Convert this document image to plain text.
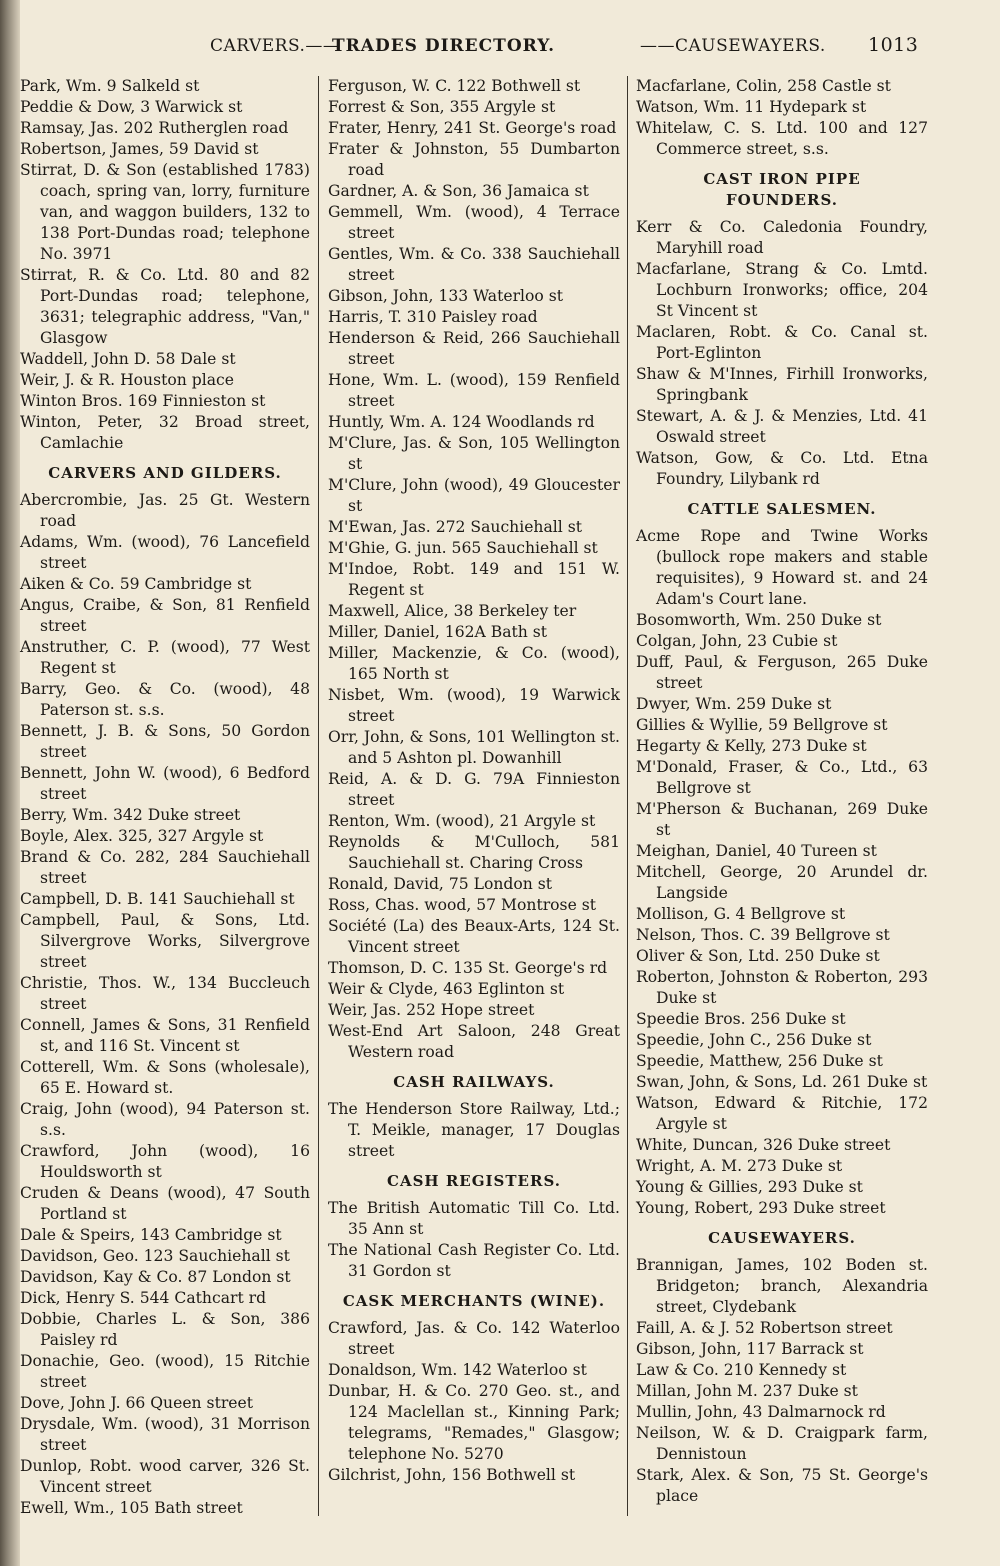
CARVERS.——
TRADES DIRECTORY.	——CAUSEWAYERS. 1013
Park, Wm. 9 Salkeld st
Peddie & Dow, 3 Warwick st
Ramsay, Jas. 202 Rutherglen road
Robertson, James, 59 David st
Stirrat, D. & Son (established 1783) coach, spring van, lorry, furniture van, and waggon builders, 132 to 138 Port-Dundas road; telephone No. 3971
Stirrat, R. & Co. Ltd. 80 and 82 Port-Dundas road; telephone, 3631; telegraphic address, "Van," Glasgow
Waddell, John D. 58 Dale st
Weir, J. & R. Houston place
Winton Bros. 169 Finnieston st
Winton, Peter, 32 Broad street, Camlachie
CARVERS AND GILDERS.
Abercrombie, Jas. 25 Gt. Western road
Adams, Wm. (wood), 76 Lancefield street
Aiken & Co. 59 Cambridge st
Angus, Craibe, & Son, 81 Renfield street
Anstruther, C. P. (wood), 77 West Regent st
Barry, Geo. & Co. (wood), 48 Paterson st. s.s.
Bennett, J. B. & Sons, 50 Gordon street
Bennett, John W. (wood), 6 Bedford street
Berry, Wm. 342 Duke street
Boyle, Alex. 325, 327 Argyle st
Brand & Co. 282, 284 Sauchiehall street
Campbell, D. B. 141 Sauchiehall st
Campbell, Paul, & Sons, Ltd. Silvergrove Works, Silvergrove street
Christie, Thos. W., 134 Buccleuch street
Connell, James & Sons, 31 Renfield st, and 116 St. Vincent st
Cotterell, Wm. & Sons (wholesale), 65 E. Howard st.
Craig, John (wood), 94 Paterson st. s.s.
Crawford, John (wood), 16 Houldsworth st
Cruden & Deans (wood), 47 South Portland st
Dale & Speirs, 143 Cambridge st
Davidson, Geo. 123 Sauchiehall st
Davidson, Kay & Co. 87 London st
Dick, Henry S. 544 Cathcart rd
Dobbie, Charles L. & Son, 386 Paisley rd
Donachie, Geo. (wood), 15 Ritchie street
Dove, John J. 66 Queen street
Drysdale, Wm. (wood), 31 Morrison street
Dunlop, Robt. wood carver, 326 St. Vincent street
Ewell, Wm., 105 Bath street
Ferguson, W. C. 122 Bothwell st
Forrest & Son, 355 Argyle st
Frater, Henry, 241 St. George's road
Frater & Johnston, 55 Dumbarton road
Gardner, A. & Son, 36 Jamaica st
Gemmell, Wm. (wood), 4 Terrace street
Gentles, Wm. & Co. 338 Sauchiehall street
Gibson, John, 133 Waterloo st
Harris, T. 310 Paisley road
Henderson & Reid, 266 Sauchiehall street
Hone, Wm. L. (wood), 159 Renfield street
Huntly, Wm. A. 124 Woodlands rd
M'Clure, Jas. & Son, 105 Wellington st
M'Clure, John (wood), 49 Gloucester st
M'Ewan, Jas. 272 Sauchiehall st
M'Ghie, G. jun. 565 Sauchiehall st
M'Indoe, Robt. 149 and 151 W. Regent st
Maxwell, Alice, 38 Berkeley ter
Miller, Daniel, 162A Bath st
Miller, Mackenzie, & Co. (wood), 165 North st
Nisbet, Wm. (wood), 19 Warwick street
Orr, John, & Sons, 101 Wellington st. and 5 Ashton pl. Dowanhill
Reid, A. & D. G. 79A Finnieston street
Renton, Wm. (wood), 21 Argyle st
Reynolds & M'Culloch, 581 Sauchiehall st. Charing Cross
Ronald, David, 75 London st
Ross, Chas. wood, 57 Montrose st
Société (La) des Beaux-Arts, 124 St. Vincent street
Thomson, D. C. 135 St. George's rd
Weir & Clyde, 463 Eglinton st
Weir, Jas. 252 Hope street
West-End Art Saloon, 248 Great Western road
CASH RAILWAYS.
The Henderson Store Railway, Ltd.; T. Meikle, manager, 17 Douglas street
CASH REGISTERS.
The British Automatic Till Co. Ltd. 35 Ann st
The National Cash Register Co. Ltd. 31 Gordon st
CASK MERCHANTS (WINE).
Crawford, Jas. & Co. 142 Waterloo street
Donaldson, Wm. 142 Waterloo st
Dunbar, H. & Co. 270 Geo. st., and 124 Maclellan st., Kinning Park; telegrams, "Remades," Glasgow; telephone No. 5270
Gilchrist, John, 156 Bothwell st
Macfarlane, Colin, 258 Castle st
Watson, Wm. 11 Hydepark st
Whitelaw, C. S. Ltd. 100 and 127 Commerce street, s.s.
CAST IRON PIPE
FOUNDERS.
Kerr & Co. Caledonia Foundry, Maryhill road
Macfarlane, Strang & Co. Lmtd. Lochburn Ironworks; office, 204 St Vincent st
Maclaren, Robt. & Co. Canal st. Port-Eglinton
Shaw & M'Innes, Firhill Ironworks, Springbank
Stewart, A. & J. & Menzies, Ltd. 41 Oswald street
Watson, Gow, & Co. Ltd. Etna Foundry, Lilybank rd
CATTLE SALESMEN.
Acme Rope and Twine Works (bullock rope makers and stable requisites), 9 Howard st. and 24 Adam's Court lane.
Bosomworth, Wm. 250 Duke st
Colgan, John, 23 Cubie st
Duff, Paul, & Ferguson, 265 Duke street
Dwyer, Wm. 259 Duke st
Gillies & Wyllie, 59 Bellgrove st
Hegarty & Kelly, 273 Duke st
M'Donald, Fraser, & Co., Ltd., 63 Bellgrove st
M'Pherson & Buchanan, 269 Duke st
Meighan, Daniel, 40 Tureen st
Mitchell, George, 20 Arundel dr. Langside
Mollison, G. 4 Bellgrove st
Nelson, Thos. C. 39 Bellgrove st
Oliver & Son, Ltd. 250 Duke st
Roberton, Johnston & Roberton, 293 Duke st
Speedie Bros. 256 Duke st
Speedie, John C., 256 Duke st
Speedie, Matthew, 256 Duke st
Swan, John, & Sons, Ld. 261 Duke st
Watson, Edward & Ritchie, 172 Argyle st
White, Duncan, 326 Duke street
Wright, A. M. 273 Duke st
Young & Gillies, 293 Duke st
Young, Robert, 293 Duke street
CAUSEWAYERS.
Brannigan, James, 102 Boden st. Bridgeton; branch, Alexandria street, Clydebank
Faill, A. & J. 52 Robertson street
Gibson, John, 117 Barrack st
Law & Co. 210 Kennedy st
Millan, John M. 237 Duke st
Mullin, John, 43 Dalmarnock rd
Neilson, W. & D. Craigpark farm, Dennistoun
Stark, Alex. & Son, 75 St. George's place
